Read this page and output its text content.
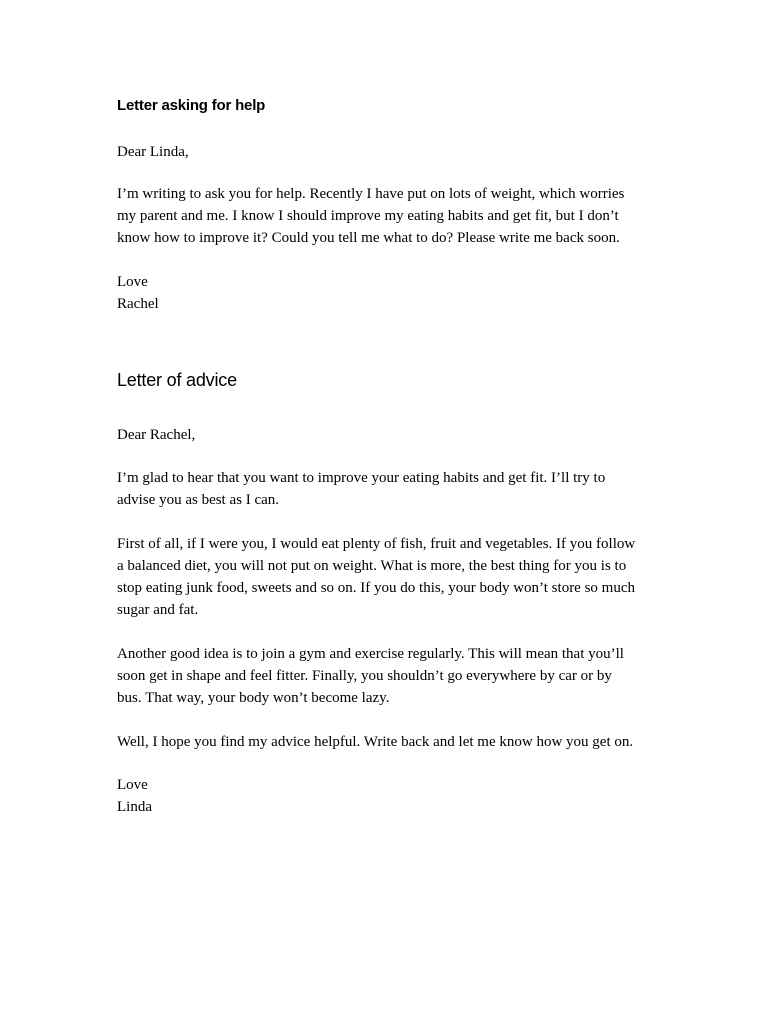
Letter asking for help

Dear Linda,

I’m writing to ask you for help. Recently I have put on lots of weight, which worries
my parent and me. I know I should improve my eating habits and get fit, but I don’t
know how to improve it? Could you tell me what to do? Please write me back soon.

Love
Rachel

Letter of advice

Dear Rachel,

I’m glad to hear that you want to improve your eating habits and get fit. I’ll try to
advise you as best as I can.

First of all, if I were you, I would eat plenty of fish, fruit and vegetables. If you follow
a balanced diet, you will not put on weight. What is more, the best thing for you is to
stop eating junk food, sweets and so on. If you do this, your body won’t store so much
sugar and fat.

Another good idea is to join a gym and exercise regularly. This will mean that you’ll
soon get in shape and feel fitter. Finally, you shouldn’t go everywhere by car or by
bus. That way, your body won’t become lazy.

Well, I hope you find my advice helpful. Write back and let me know how you get on.

Love
Linda
